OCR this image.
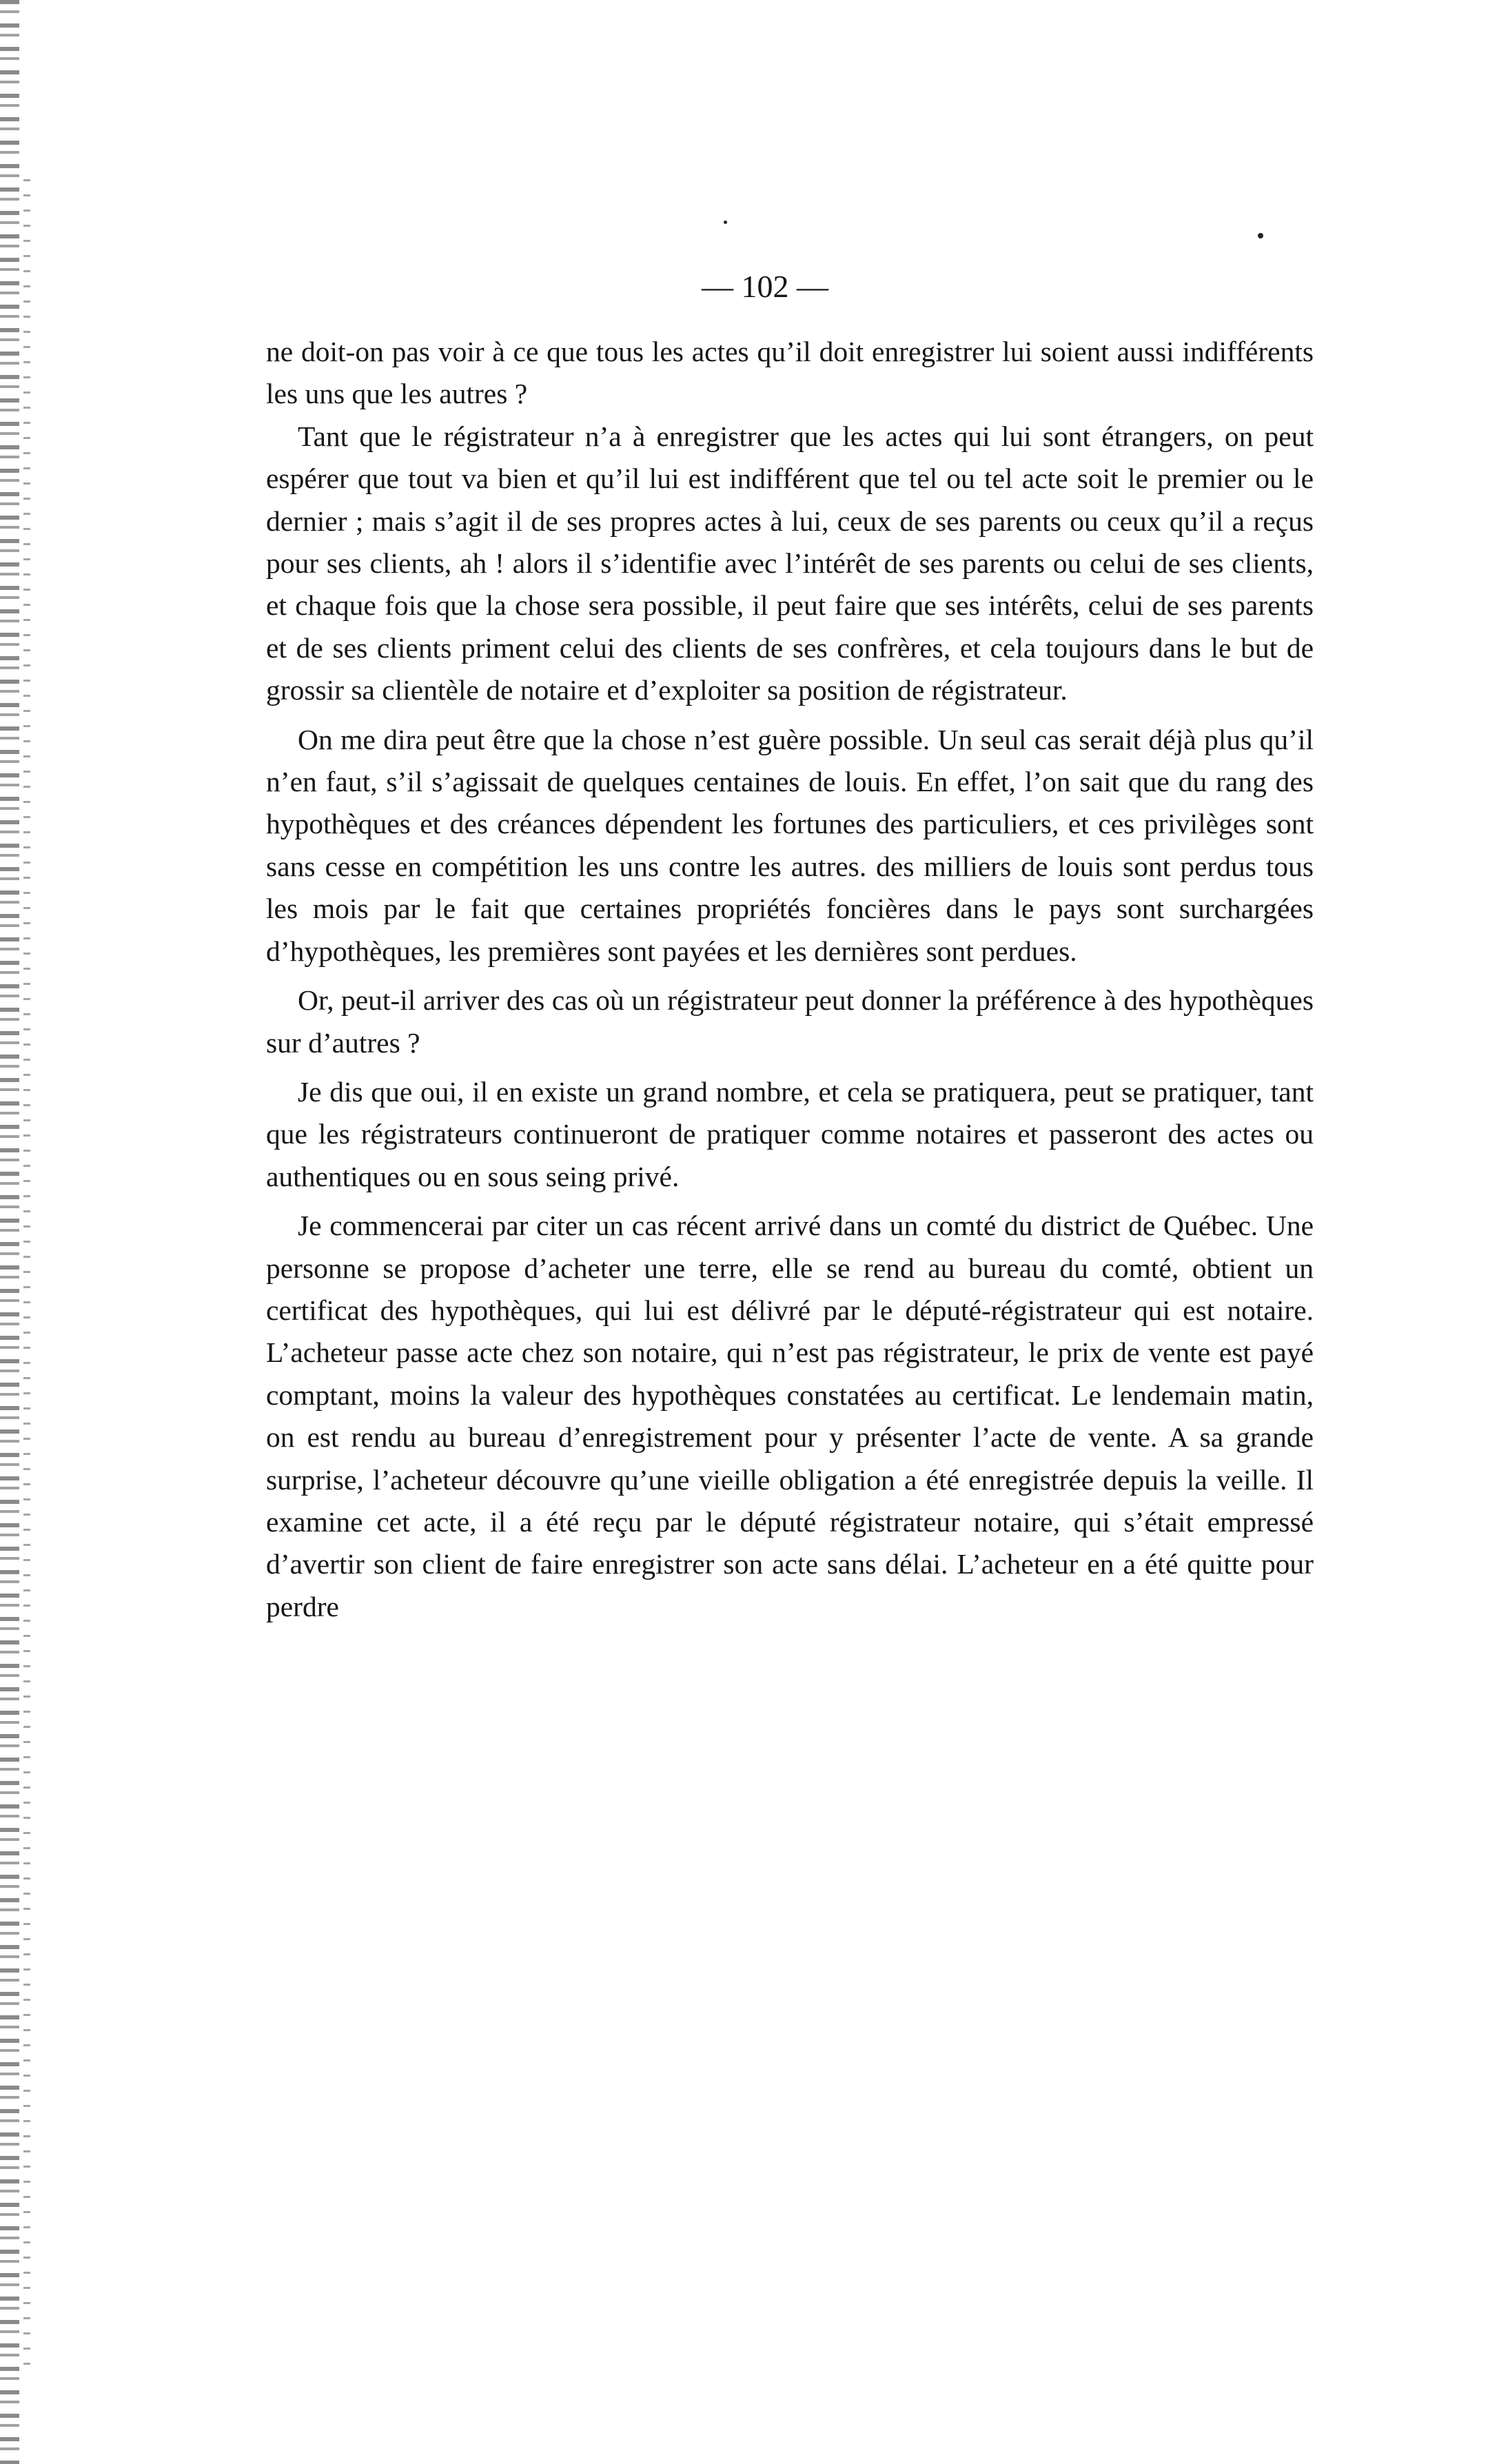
— 102 —

ne doit-on pas voir à ce que tous les actes qu’il doit enregistrer lui soient aussi indifférents les uns que les autres ?

Tant que le régistrateur n’a à enregistrer que les actes qui lui sont étrangers, on peut espérer que tout va bien et qu’il lui est indifférent que tel ou tel acte soit le premier ou le dernier ; mais s’agit il de ses propres actes à lui, ceux de ses parents ou ceux qu’il a reçus pour ses clients, ah ! alors il s’identifie avec l’intérêt de ses parents ou celui de ses clients, et chaque fois que la chose sera possible, il peut faire que ses intérêts, celui de ses parents et de ses clients priment celui des clients de ses confrères, et cela toujours dans le but de grossir sa clientèle de notaire et d’exploiter sa position de régistrateur.

On me dira peut être que la chose n’est guère possible. Un seul cas serait déjà plus qu’il n’en faut, s’il s’agissait de quelques centaines de louis. En effet, l’on sait que du rang des hypothèques et des créances dépendent les fortunes des particuliers, et ces privilèges sont sans cesse en compétition les uns contre les autres. des milliers de louis sont perdus tous les mois par le fait que certaines propriétés foncières dans le pays sont surchargées d’hypothèques, les premières sont payées et les dernières sont perdues.

Or, peut-il arriver des cas où un régistrateur peut donner la préférence à des hypothèques sur d’autres ?

Je dis que oui, il en existe un grand nombre, et cela se pratiquera, peut se pratiquer, tant que les régistrateurs continueront de pratiquer comme notaires et passeront des actes ou authentiques ou en sous seing privé.

Je commencerai par citer un cas récent arrivé dans un comté du district de Québec. Une personne se propose d’acheter une terre, elle se rend au bureau du comté, obtient un certificat des hypothèques, qui lui est délivré par le député-régistrateur qui est notaire. L’acheteur passe acte chez son notaire, qui n’est pas régistrateur, le prix de vente est payé comptant, moins la valeur des hypothèques constatées au certificat. Le lendemain matin, on est rendu au bureau d’enregistrement pour y présenter l’acte de vente. A sa grande surprise, l’acheteur découvre qu’une vieille obligation a été enregistrée depuis la veille. Il examine cet acte, il a été reçu par le député régistrateur notaire, qui s’était empressé d’avertir son client de faire enregistrer son acte sans délai. L’acheteur en a été quitte pour perdre
